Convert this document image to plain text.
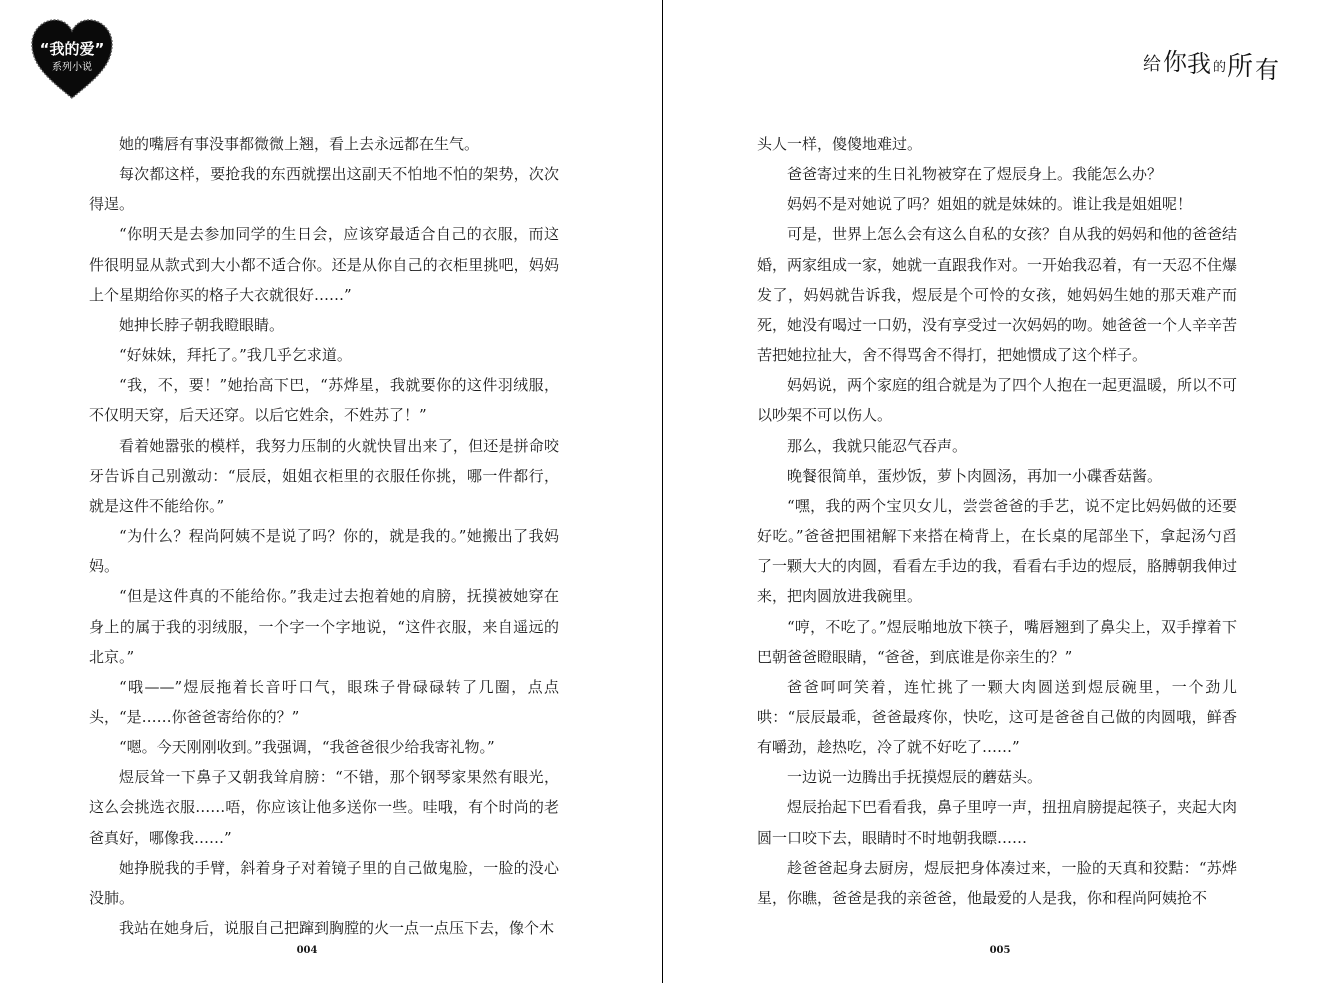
“我的爱”
系列小说

她的嘴唇有事没事都微微上翘，看上去永远都在生气。

每次都这样，要抢我的东西就摆出这副天不怕地不怕的架势，次次得逞。

“你明天是去参加同学的生日会，应该穿最适合自己的衣服，而这件很明显从款式到大小都不适合你。还是从你自己的衣柜里挑吧，妈妈上个星期给你买的格子大衣就很好……”

她抻长脖子朝我瞪眼睛。

“好妹妹，拜托了。”我几乎乞求道。

“我，不，要！”她抬高下巴，“苏烨星，我就要你的这件羽绒服，不仅明天穿，后天还穿。以后它姓余，不姓苏了！”

看着她嚣张的模样，我努力压制的火就快冒出来了，但还是拼命咬牙告诉自己别激动：“辰辰，姐姐衣柜里的衣服任你挑，哪一件都行，就是这件不能给你。”

“为什么？程尚阿姨不是说了吗？你的，就是我的。”她搬出了我妈妈。

“但是这件真的不能给你。”我走过去抱着她的肩膀，抚摸被她穿在身上的属于我的羽绒服，一个字一个字地说，“这件衣服，来自遥远的北京。”

“哦——”煜辰拖着长音吁口气，眼珠子骨碌碌转了几圈，点点头，“是……你爸爸寄给你的？”

“嗯。今天刚刚收到。”我强调，“我爸爸很少给我寄礼物。”

煜辰耸一下鼻子又朝我耸肩膀：“不错，那个钢琴家果然有眼光，这么会挑选衣服……唔，你应该让他多送你一些。哇哦，有个时尚的老爸真好，哪像我……”

她挣脱我的手臂，斜着身子对着镜子里的自己做鬼脸，一脸的没心没肺。

我站在她身后，说服自己把蹿到胸膛的火一点一点压下去，像个木

004
给 你 我 的 所 有

头人一样，傻傻地难过。

爸爸寄过来的生日礼物被穿在了煜辰身上。我能怎么办？

妈妈不是对她说了吗？姐姐的就是妹妹的。谁让我是姐姐呢！

可是，世界上怎么会有这么自私的女孩？自从我的妈妈和他的爸爸结婚，两家组成一家，她就一直跟我作对。一开始我忍着，有一天忍不住爆发了，妈妈就告诉我，煜辰是个可怜的女孩，她妈妈生她的那天难产而死，她没有喝过一口奶，没有享受过一次妈妈的吻。她爸爸一个人辛辛苦苦把她拉扯大，舍不得骂舍不得打，把她惯成了这个样子。

妈妈说，两个家庭的组合就是为了四个人抱在一起更温暖，所以不可以吵架不可以伤人。

那么，我就只能忍气吞声。

晚餐很简单，蛋炒饭，萝卜肉圆汤，再加一小碟香菇酱。

“嘿，我的两个宝贝女儿，尝尝爸爸的手艺，说不定比妈妈做的还要好吃。”爸爸把围裙解下来搭在椅背上，在长桌的尾部坐下，拿起汤勺舀了一颗大大的肉圆，看看左手边的我，看看右手边的煜辰，胳膊朝我伸过来，把肉圆放进我碗里。

“哼，不吃了。”煜辰啪地放下筷子，嘴唇翘到了鼻尖上，双手撑着下巴朝爸爸瞪眼睛，“爸爸，到底谁是你亲生的？”

爸爸呵呵笑着，连忙挑了一颗大肉圆送到煜辰碗里，一个劲儿哄：“辰辰最乖，爸爸最疼你，快吃，这可是爸爸自己做的肉圆哦，鲜香有嚼劲，趁热吃，冷了就不好吃了……”

一边说一边腾出手抚摸煜辰的蘑菇头。

煜辰抬起下巴看看我，鼻子里哼一声，扭扭肩膀提起筷子，夹起大肉圆一口咬下去，眼睛时不时地朝我瞟……

趁爸爸起身去厨房，煜辰把身体凑过来，一脸的天真和狡黠：“苏烨星，你瞧，爸爸是我的亲爸爸，他最爱的人是我，你和程尚阿姨抢不

005
